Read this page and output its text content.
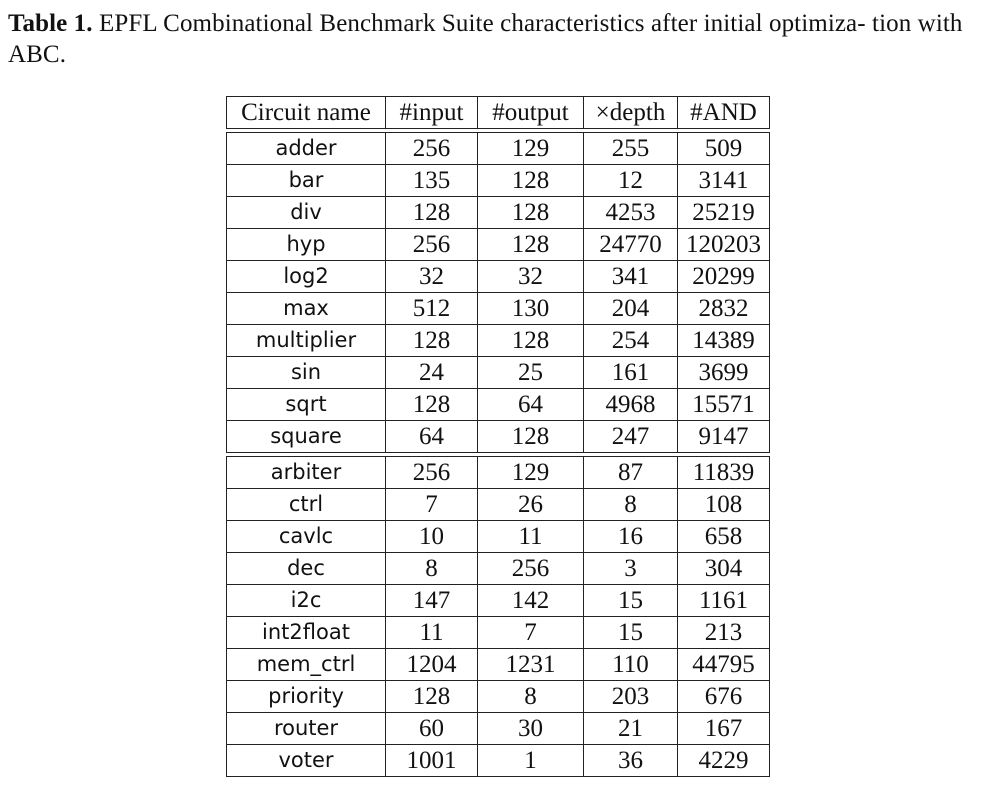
Table 1. EPFL Combinational Benchmark Suite characteristics after initial optimiza- tion with ABC.
Circuit name	#input	#output	×depth	#AND

adder	256	129	255	509
bar	135	128	12	3141
div	128	128	4253	25219
hyp	256	128	24770	120203
log2	32	32	341	20299
max	512	130	204	2832
multiplier	128	128	254	14389
sin	24	25	161	3699
sqrt	128	64	4968	15571
square	64	128	247	9147

arbiter	256	129	87	11839
ctrl	7	26	8	108
cavlc	10	11	16	658
dec	8	256	3	304
i2c	147	142	15	1161
int2float	11	7	15	213
mem_ctrl	1204	1231	110	44795
priority	128	8	203	676
router	60	30	21	167
voter	1001	1	36	4229
